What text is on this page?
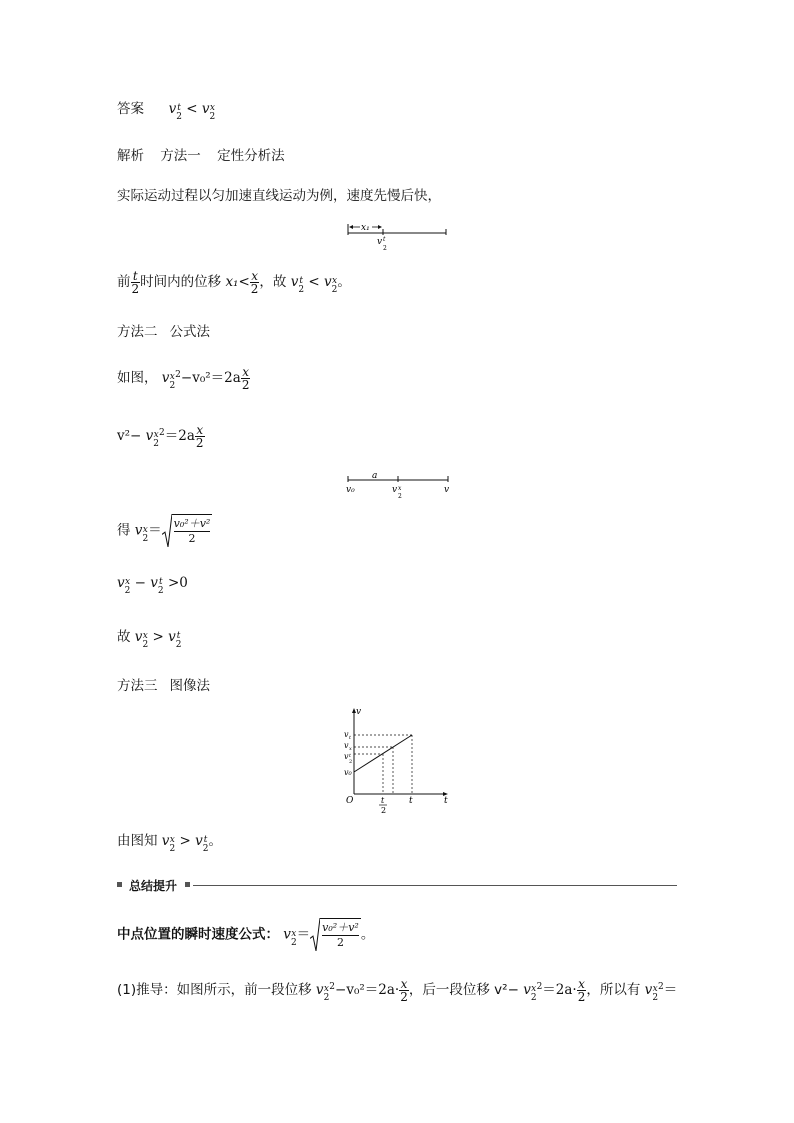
答案 vt
2 < vx
2
解析 方法一 定性分析法
实际运动过程以匀加速直线运动为例，速度先慢后快，
x₁
v t
2
前 $\frac{t}{2}$ 时间内的位移 $x_1< \frac{x}{2}$ ，故 vt
2 < vx
2。
方法二 公式法
如图， vx
$2^2-v_0^2=2a \frac{x}{2}$
v²− vx
$2^2=2a \frac{x}{2}$
a
v₀	v x
2
v
得 vx
$2= \frac{\text{v₀²＋v²}}{2}$
vx
2 − vt
2 >0
故 vx
2 > vt
2
方法三 图像法
v
t
O	t
t
2
v t
v x
v t
2
v₀
由图知 vx
2 > vt
2。
总结提升
中点位置的瞬时速度公式： vx
$2= \frac{\text{v₀²＋v²}}{2}$ 。
(1)推导：如图所示，前一段位移 vx
$2^2-v_0^2=2a\cdot \frac{x}{2}$ ，后一段位移 v²− vx
$2^2=2a\cdot \frac{x}{2}$ ，所以有 vx
$2^2=$
